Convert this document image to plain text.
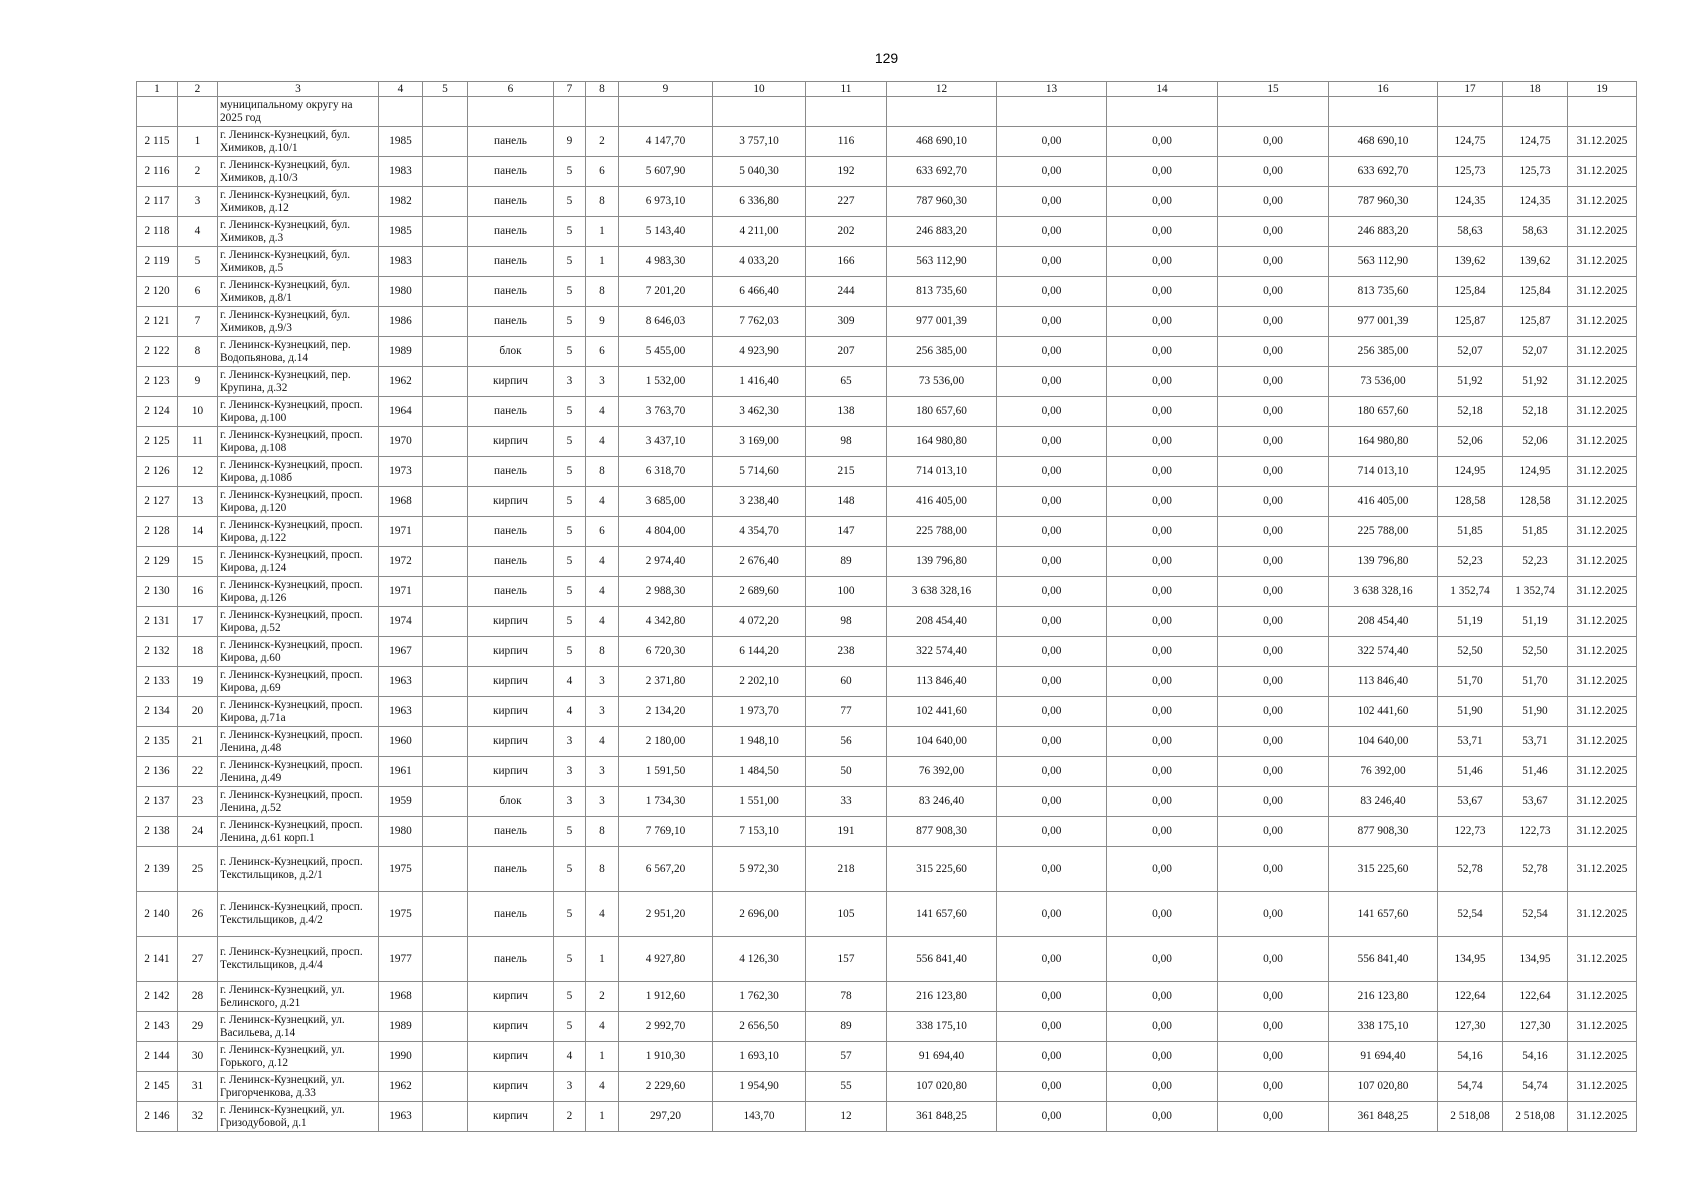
129
1	2	3	4	5	6	7	8	9	10	11	12	13	14	15	16	17	18	19
		муниципальному округу на 2025 год																
2 115	1	г. Ленинск-Кузнецкий, бул. Химиков, д.10/1	1985		панель	9	2	4 147,70	3 757,10	116	468 690,10	0,00	0,00	0,00	468 690,10	124,75	124,75	31.12.2025
2 116	2	г. Ленинск-Кузнецкий, бул. Химиков, д.10/3	1983		панель	5	6	5 607,90	5 040,30	192	633 692,70	0,00	0,00	0,00	633 692,70	125,73	125,73	31.12.2025
2 117	3	г. Ленинск-Кузнецкий, бул. Химиков, д.12	1982		панель	5	8	6 973,10	6 336,80	227	787 960,30	0,00	0,00	0,00	787 960,30	124,35	124,35	31.12.2025
2 118	4	г. Ленинск-Кузнецкий, бул. Химиков, д.3	1985		панель	5	1	5 143,40	4 211,00	202	246 883,20	0,00	0,00	0,00	246 883,20	58,63	58,63	31.12.2025
2 119	5	г. Ленинск-Кузнецкий, бул. Химиков, д.5	1983		панель	5	1	4 983,30	4 033,20	166	563 112,90	0,00	0,00	0,00	563 112,90	139,62	139,62	31.12.2025
2 120	6	г. Ленинск-Кузнецкий, бул. Химиков, д.8/1	1980		панель	5	8	7 201,20	6 466,40	244	813 735,60	0,00	0,00	0,00	813 735,60	125,84	125,84	31.12.2025
2 121	7	г. Ленинск-Кузнецкий, бул. Химиков, д.9/3	1986		панель	5	9	8 646,03	7 762,03	309	977 001,39	0,00	0,00	0,00	977 001,39	125,87	125,87	31.12.2025
2 122	8	г. Ленинск-Кузнецкий, пер. Водопьянова, д.14	1989		блок	5	6	5 455,00	4 923,90	207	256 385,00	0,00	0,00	0,00	256 385,00	52,07	52,07	31.12.2025
2 123	9	г. Ленинск-Кузнецкий, пер. Крупина, д.32	1962		кирпич	3	3	1 532,00	1 416,40	65	73 536,00	0,00	0,00	0,00	73 536,00	51,92	51,92	31.12.2025
2 124	10	г. Ленинск-Кузнецкий, просп. Кирова, д.100	1964		панель	5	4	3 763,70	3 462,30	138	180 657,60	0,00	0,00	0,00	180 657,60	52,18	52,18	31.12.2025
2 125	11	г. Ленинск-Кузнецкий, просп. Кирова, д.108	1970		кирпич	5	4	3 437,10	3 169,00	98	164 980,80	0,00	0,00	0,00	164 980,80	52,06	52,06	31.12.2025
2 126	12	г. Ленинск-Кузнецкий, просп. Кирова, д.108б	1973		панель	5	8	6 318,70	5 714,60	215	714 013,10	0,00	0,00	0,00	714 013,10	124,95	124,95	31.12.2025
2 127	13	г. Ленинск-Кузнецкий, просп. Кирова, д.120	1968		кирпич	5	4	3 685,00	3 238,40	148	416 405,00	0,00	0,00	0,00	416 405,00	128,58	128,58	31.12.2025
2 128	14	г. Ленинск-Кузнецкий, просп. Кирова, д.122	1971		панель	5	6	4 804,00	4 354,70	147	225 788,00	0,00	0,00	0,00	225 788,00	51,85	51,85	31.12.2025
2 129	15	г. Ленинск-Кузнецкий, просп. Кирова, д.124	1972		панель	5	4	2 974,40	2 676,40	89	139 796,80	0,00	0,00	0,00	139 796,80	52,23	52,23	31.12.2025
2 130	16	г. Ленинск-Кузнецкий, просп. Кирова, д.126	1971		панель	5	4	2 988,30	2 689,60	100	3 638 328,16	0,00	0,00	0,00	3 638 328,16	1 352,74	1 352,74	31.12.2025
2 131	17	г. Ленинск-Кузнецкий, просп. Кирова, д.52	1974		кирпич	5	4	4 342,80	4 072,20	98	208 454,40	0,00	0,00	0,00	208 454,40	51,19	51,19	31.12.2025
2 132	18	г. Ленинск-Кузнецкий, просп. Кирова, д.60	1967		кирпич	5	8	6 720,30	6 144,20	238	322 574,40	0,00	0,00	0,00	322 574,40	52,50	52,50	31.12.2025
2 133	19	г. Ленинск-Кузнецкий, просп. Кирова, д.69	1963		кирпич	4	3	2 371,80	2 202,10	60	113 846,40	0,00	0,00	0,00	113 846,40	51,70	51,70	31.12.2025
2 134	20	г. Ленинск-Кузнецкий, просп. Кирова, д.71а	1963		кирпич	4	3	2 134,20	1 973,70	77	102 441,60	0,00	0,00	0,00	102 441,60	51,90	51,90	31.12.2025
2 135	21	г. Ленинск-Кузнецкий, просп. Ленина, д.48	1960		кирпич	3	4	2 180,00	1 948,10	56	104 640,00	0,00	0,00	0,00	104 640,00	53,71	53,71	31.12.2025
2 136	22	г. Ленинск-Кузнецкий, просп. Ленина, д.49	1961		кирпич	3	3	1 591,50	1 484,50	50	76 392,00	0,00	0,00	0,00	76 392,00	51,46	51,46	31.12.2025
2 137	23	г. Ленинск-Кузнецкий, просп. Ленина, д.52	1959		блок	3	3	1 734,30	1 551,00	33	83 246,40	0,00	0,00	0,00	83 246,40	53,67	53,67	31.12.2025
2 138	24	г. Ленинск-Кузнецкий, просп. Ленина, д.61 корп.1	1980		панель	5	8	7 769,10	7 153,10	191	877 908,30	0,00	0,00	0,00	877 908,30	122,73	122,73	31.12.2025
2 139	25	г. Ленинск-Кузнецкий, просп. Текстильщиков, д.2/1	1975		панель	5	8	6 567,20	5 972,30	218	315 225,60	0,00	0,00	0,00	315 225,60	52,78	52,78	31.12.2025
2 140	26	г. Ленинск-Кузнецкий, просп. Текстильщиков, д.4/2	1975		панель	5	4	2 951,20	2 696,00	105	141 657,60	0,00	0,00	0,00	141 657,60	52,54	52,54	31.12.2025
2 141	27	г. Ленинск-Кузнецкий, просп. Текстильщиков, д.4/4	1977		панель	5	1	4 927,80	4 126,30	157	556 841,40	0,00	0,00	0,00	556 841,40	134,95	134,95	31.12.2025
2 142	28	г. Ленинск-Кузнецкий, ул. Белинского, д.21	1968		кирпич	5	2	1 912,60	1 762,30	78	216 123,80	0,00	0,00	0,00	216 123,80	122,64	122,64	31.12.2025
2 143	29	г. Ленинск-Кузнецкий, ул. Васильева, д.14	1989		кирпич	5	4	2 992,70	2 656,50	89	338 175,10	0,00	0,00	0,00	338 175,10	127,30	127,30	31.12.2025
2 144	30	г. Ленинск-Кузнецкий, ул. Горького, д.12	1990		кирпич	4	1	1 910,30	1 693,10	57	91 694,40	0,00	0,00	0,00	91 694,40	54,16	54,16	31.12.2025
2 145	31	г. Ленинск-Кузнецкий, ул. Григорченкова, д.33	1962		кирпич	3	4	2 229,60	1 954,90	55	107 020,80	0,00	0,00	0,00	107 020,80	54,74	54,74	31.12.2025
2 146	32	г. Ленинск-Кузнецкий, ул. Гризодубовой, д.1	1963		кирпич	2	1	297,20	143,70	12	361 848,25	0,00	0,00	0,00	361 848,25	2 518,08	2 518,08	31.12.2025
